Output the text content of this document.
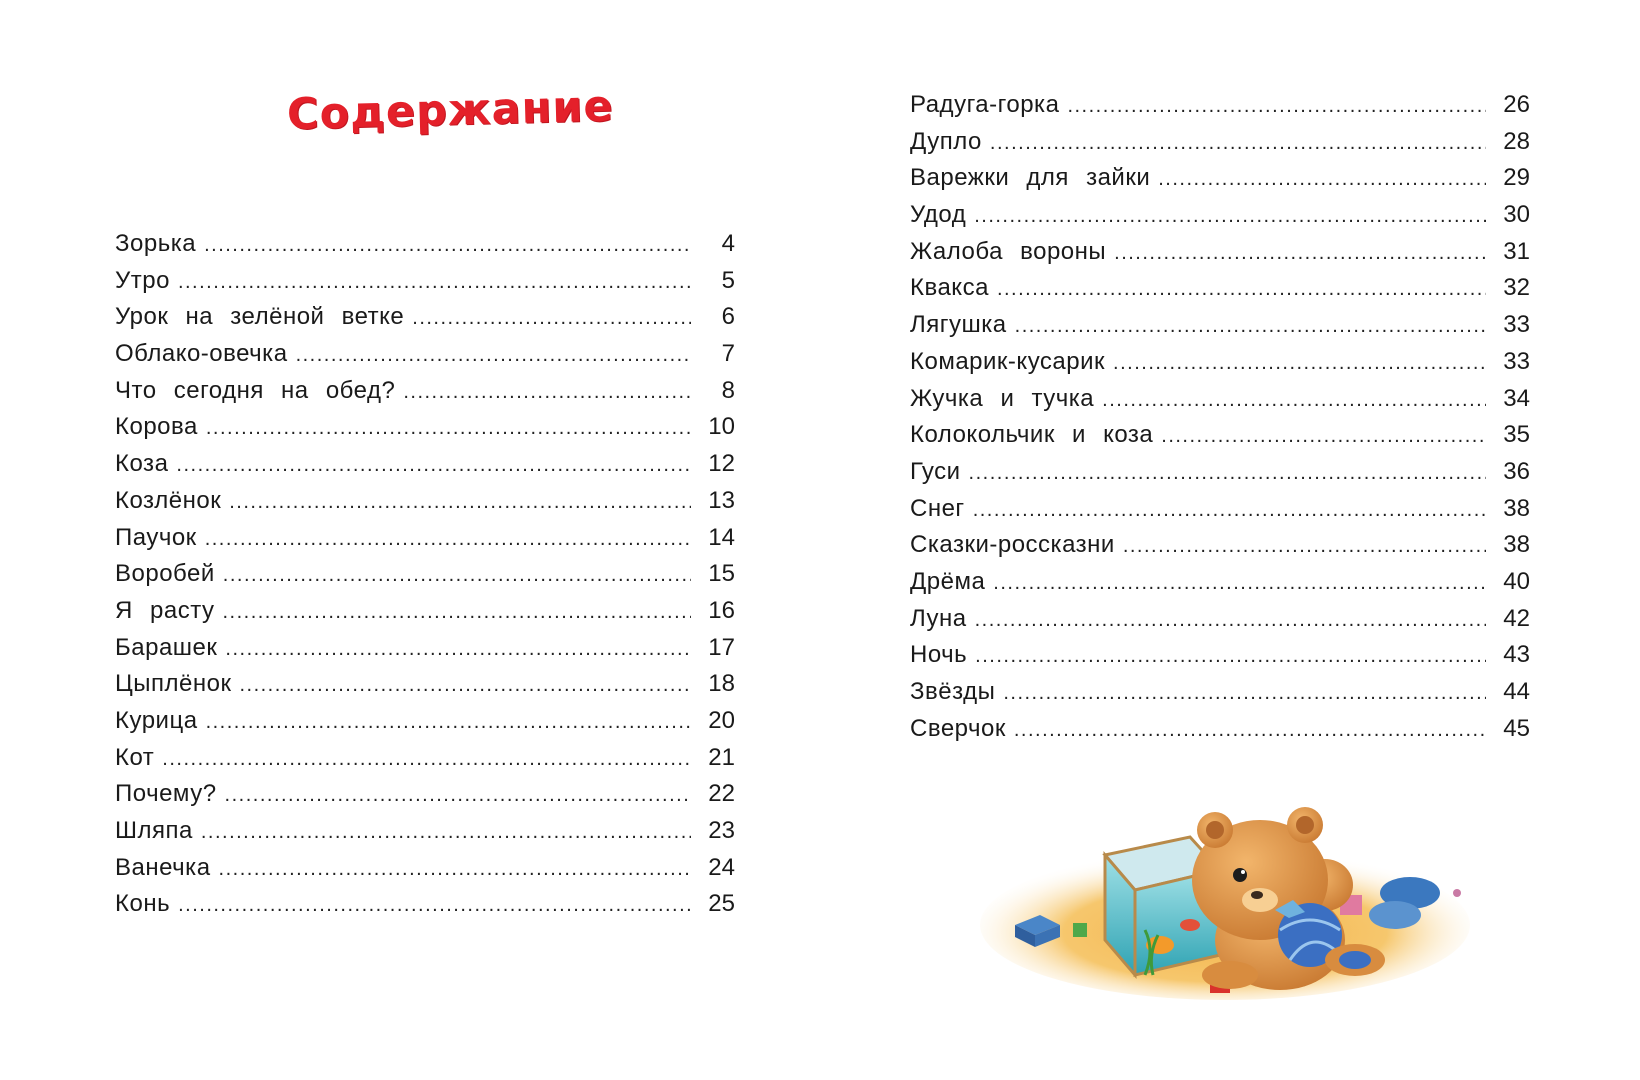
Содержание
Зорька .....	4
Утро .....	5
Урок на зелёной ветке .....	6
Облако-овечка .....	7
Что сегодня на обед? .....	8
Корова .....	10
Коза .....	12
Козлёнок .....	13
Паучок .....	14
Воробей .....	15
Я расту .....	16
Барашек .....	17
Цыплёнок .....	18
Курица .....	20
Кот .....	21
Почему? .....	22
Шляпа .....	23
Ванечка .....	24
Конь .....	25
Радуга-горка .....	26
Дупло .....	28
Варежки для зайки .....	29
Удод .....	30
Жалоба вороны .....	31
Квакса .....	32
Лягушка .....	33
Комарик-кусарик .....	33
Жучка и тучка .....	34
Колокольчик и коза .....	35
Гуси .....	36
Снег .....	38
Сказки-россказни .....	38
Дрёма .....	40
Луна .....	42
Ночь .....	43
Звёзды .....	44
Сверчок .....	45
